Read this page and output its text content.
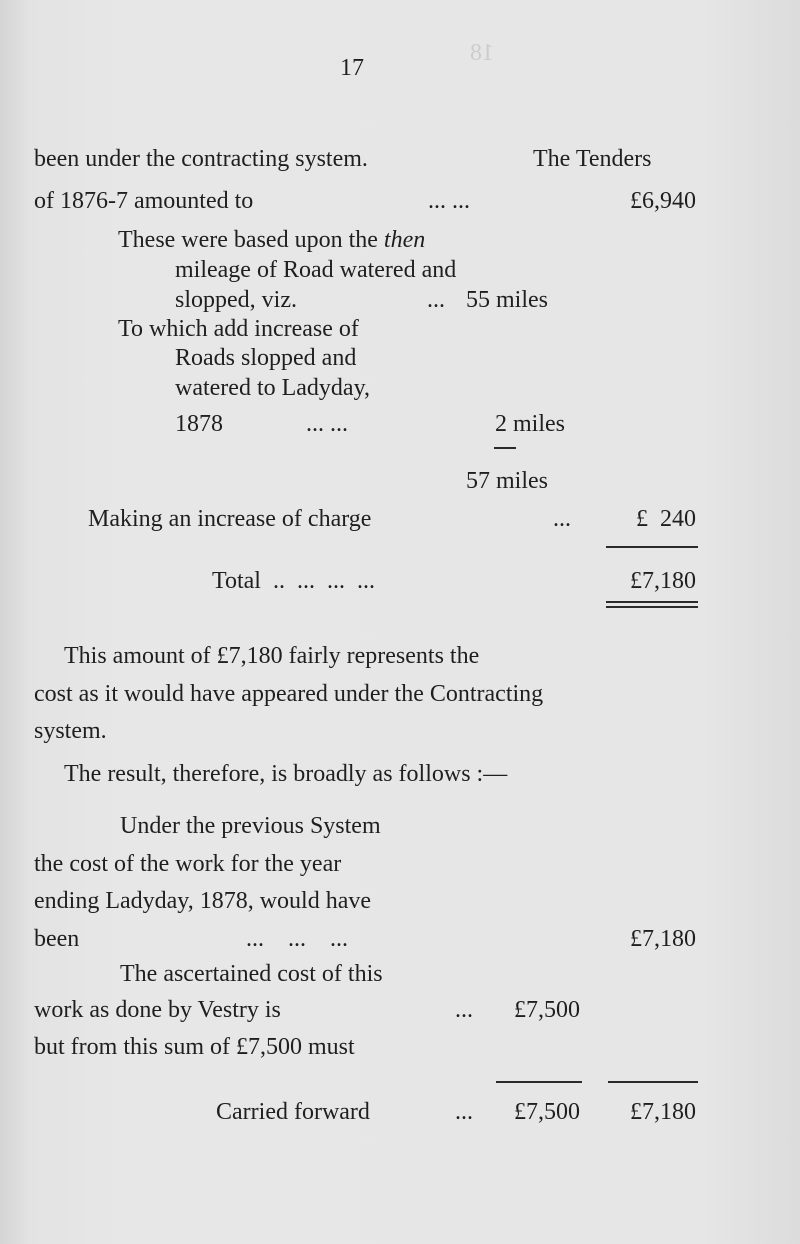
18
17
been under the contracting system.	The Tenders
of 1876-7 amounted to	... ...	£6,940
These were based upon the then
mileage of Road watered and
slopped, viz.	... 55 miles
To which add increase of
Roads slopped and
watered to Ladyday,
1878	... ...	2 miles
57 miles
Making an increase of charge	...	£  240
Total  ..  ...  ...  ...	£7,180
This amount of £7,180 fairly represents the
cost as it would have appeared under the Contracting
system.
The result, therefore, is broadly as follows :—
Under the previous System
the cost of the work for the year
ending Ladyday, 1878, would have
been	...    ...    ...	£7,180
The ascertained cost of this
work as done by Vestry is	...	£7,500
but from this sum of £7,500 must
Carried forward	...	£7,500	£7,180
